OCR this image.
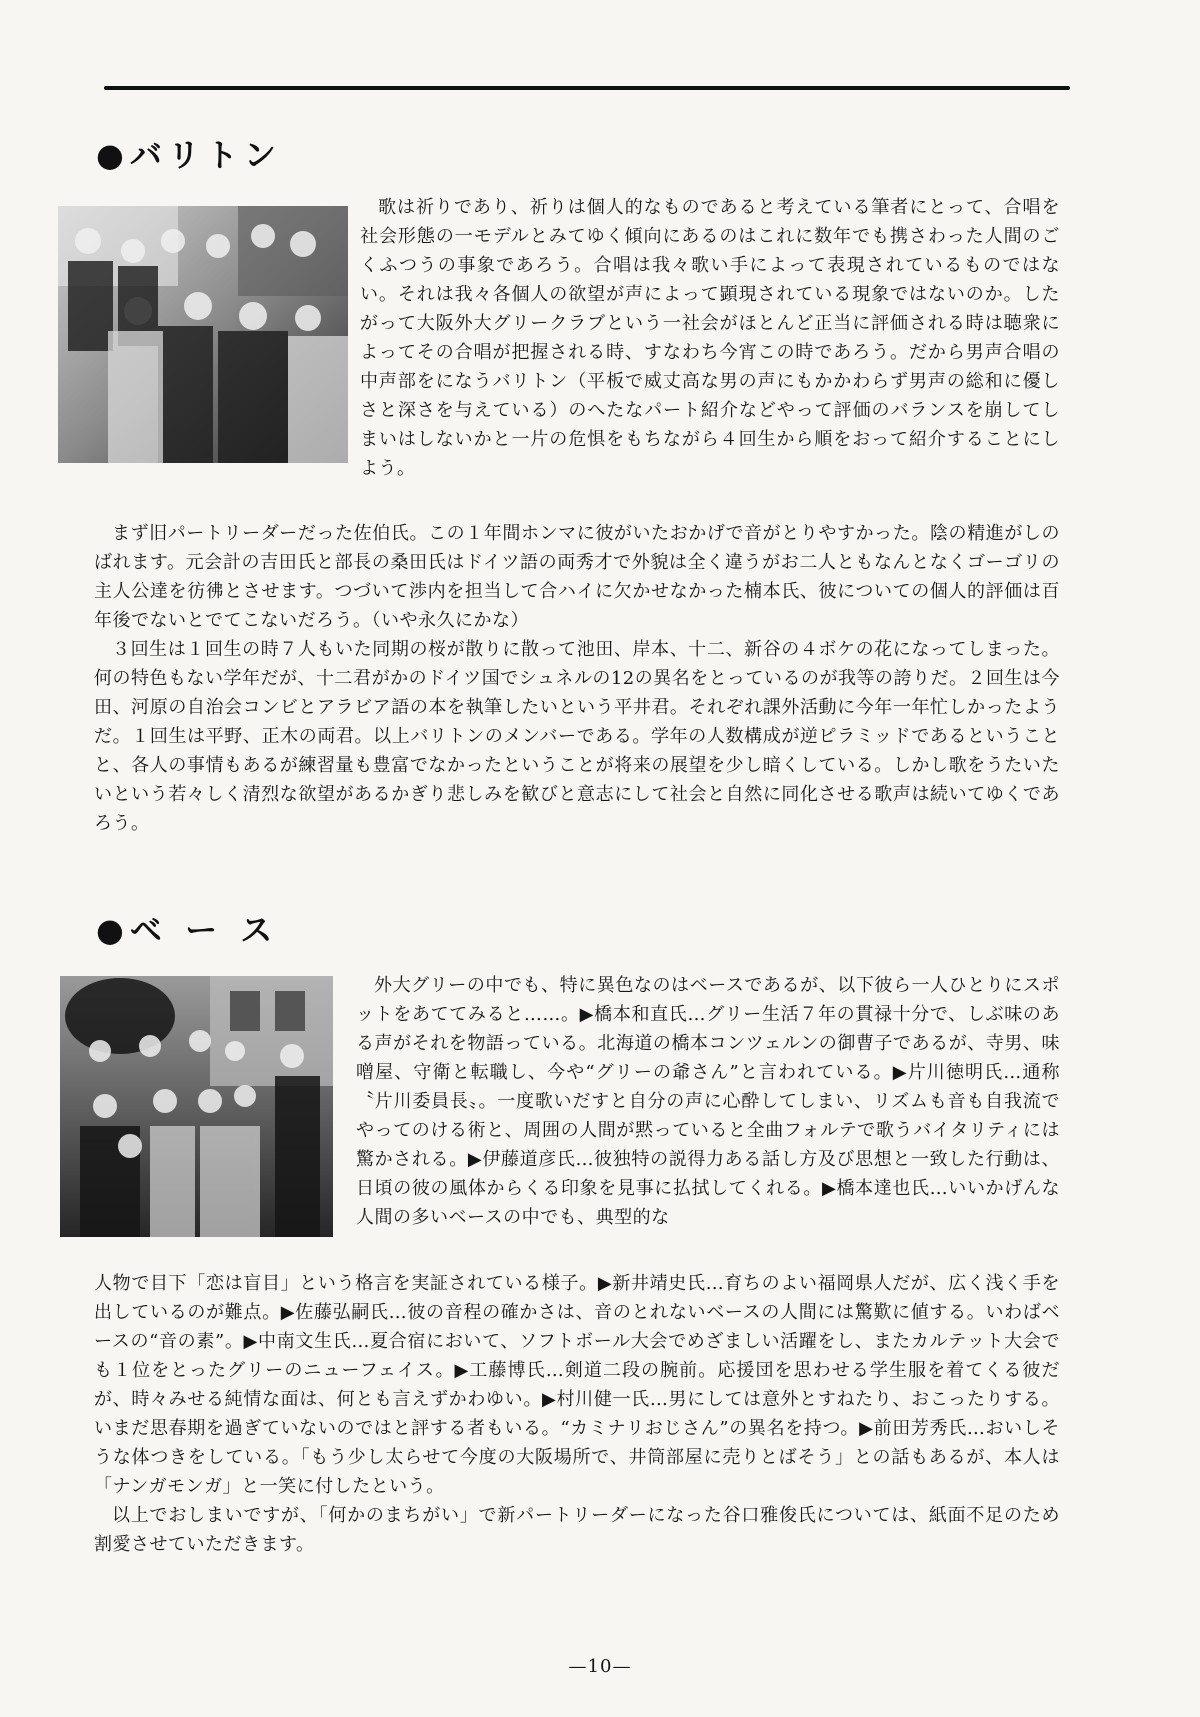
●バリトン

歌は祈りであり、祈りは個人的なものであると考えている筆者にとって、合唱を社会形態の一モデルとみてゆく傾向にあるのはこれに数年でも携さわった人間のごくふつうの事象であろう。合唱は我々歌い手によって表現されているものではない。それは我々各個人の欲望が声によって顕現されている現象ではないのか。したがって大阪外大グリークラブという一社会がほとんど正当に評価される時は聴衆によってその合唱が把握される時、すなわち今宵この時であろう。だから男声合唱の中声部をになうバリトン（平板で威丈高な男の声にもかかわらず男声の総和に優しさと深さを与えている）のへたなパート紹介などやって評価のバランスを崩してしまいはしないかと一片の危惧をもちながら４回生から順をおって紹介することにしよう。

まず旧パートリーダーだった佐伯氏。この１年間ホンマに彼がいたおかげで音がとりやすかった。陰の精進がしのばれます。元会計の吉田氏と部長の桑田氏はドイツ語の両秀才で外貌は全く違うがお二人ともなんとなくゴーゴリの主人公達を彷彿とさせます。つづいて渉内を担当して合ハイに欠かせなかった楠本氏、彼についての個人的評価は百年後でないとでてこないだろう。（いや永久にかな）

３回生は１回生の時７人もいた同期の桜が散りに散って池田、岸本、十二、新谷の４ボケの花になってしまった。何の特色もない学年だが、十二君がかのドイツ国でシュネルの12の異名をとっているのが我等の誇りだ。２回生は今田、河原の自治会コンビとアラビア語の本を執筆したいという平井君。それぞれ課外活動に今年一年忙しかったようだ。１回生は平野、正木の両君。以上バリトンのメンバーである。学年の人数構成が逆ピラミッドであるということと、各人の事情もあるが練習量も豊富でなかったということが将来の展望を少し暗くしている。しかし歌をうたいたいという若々しく清烈な欲望があるかぎり悲しみを歓びと意志にして社会と自然に同化させる歌声は続いてゆくであろう。

●ベ ー ス

外大グリーの中でも、特に異色なのはベースであるが、以下彼ら一人ひとりにスポットをあててみると……。▶橋本和直氏…グリー生活７年の貫禄十分で、しぶ味のある声がそれを物語っている。北海道の橋本コンツェルンの御曹子であるが、寺男、味噌屋、守衛と転職し、今や“グリーの爺さん”と言われている。▶片川徳明氏…通称〝片川委員長〟。一度歌いだすと自分の声に心酔してしまい、リズムも音も自我流でやってのける術と、周囲の人間が黙っていると全曲フォルテで歌うバイタリティには驚かされる。▶伊藤道彦氏…彼独特の説得力ある話し方及び思想と一致した行動は、日頃の彼の風体からくる印象を見事に払拭してくれる。▶橋本達也氏…いいかげんな人間の多いベースの中でも、典型的な

人物で目下「恋は盲目」という格言を実証されている様子。▶新井靖史氏…育ちのよい福岡県人だが、広く浅く手を出しているのが難点。▶佐藤弘嗣氏…彼の音程の確かさは、音のとれないベースの人間には驚歎に値する。いわばベースの“音の素”。▶中南文生氏…夏合宿において、ソフトボール大会でめざましい活躍をし、またカルテット大会でも１位をとったグリーのニューフェイス。▶工藤博氏…剣道二段の腕前。応援団を思わせる学生服を着てくる彼だが、時々みせる純情な面は、何とも言えずかわゆい。▶村川健一氏…男にしては意外とすねたり、おこったりする。いまだ思春期を過ぎていないのではと評する者もいる。“カミナリおじさん”の異名を持つ。▶前田芳秀氏…おいしそうな体つきをしている。「もう少し太らせて今度の大阪場所で、井筒部屋に売りとばそう」との話もあるが、本人は「ナンガモンガ」と一笑に付したという。

以上でおしまいですが、「何かのまちがい」で新パートリーダーになった谷口雅俊氏については、紙面不足のため割愛させていただきます。

—10—
